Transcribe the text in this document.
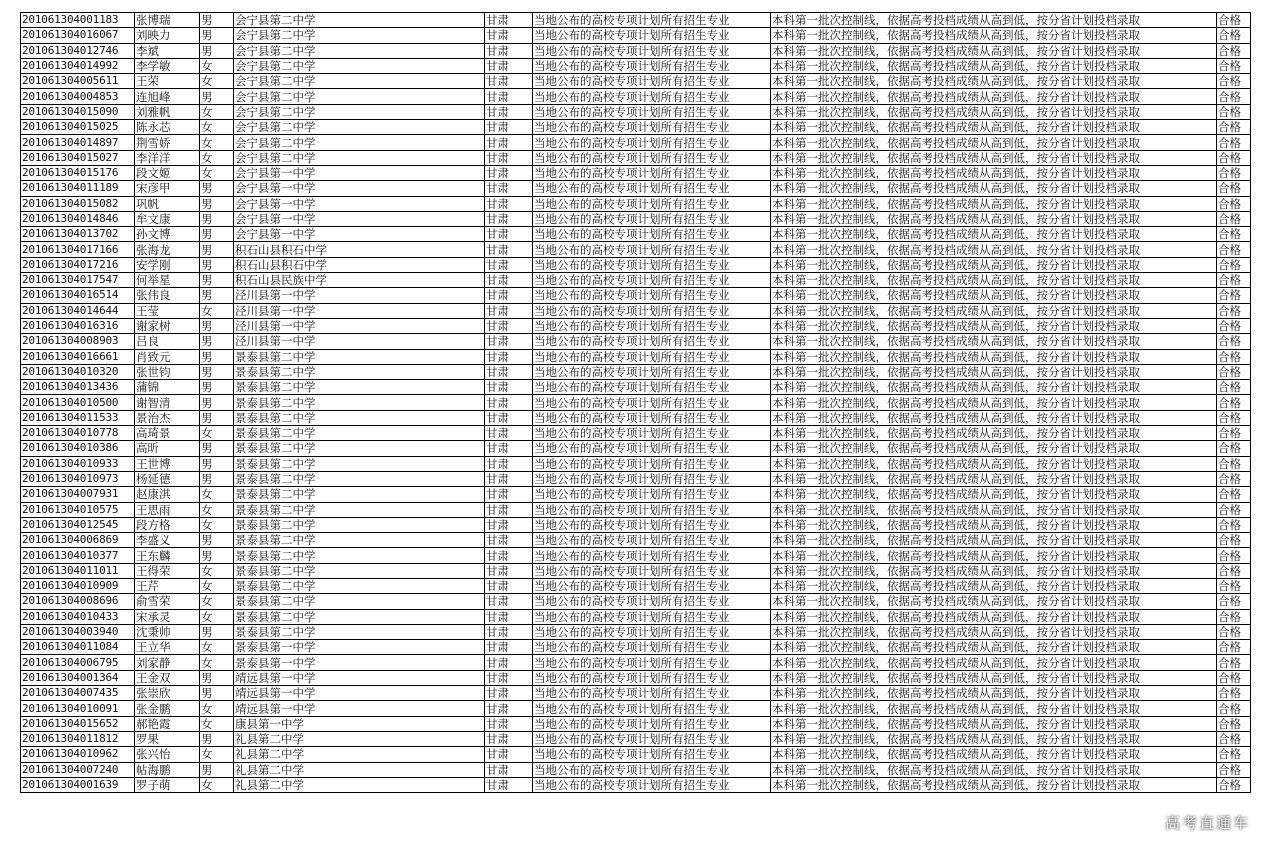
201061304001183	张博瑞	男	会宁县第二中学	甘肃	当地公布的高校专项计划所有招生专业	本科第一批次控制线，依据高考投档成绩从高到低，按分省计划投档录取	合格
201061304016067	刘映力	男	会宁县第二中学	甘肃	当地公布的高校专项计划所有招生专业	本科第一批次控制线，依据高考投档成绩从高到低，按分省计划投档录取	合格
201061304012746	李斌	男	会宁县第二中学	甘肃	当地公布的高校专项计划所有招生专业	本科第一批次控制线，依据高考投档成绩从高到低，按分省计划投档录取	合格
201061304014992	李学敏	女	会宁县第二中学	甘肃	当地公布的高校专项计划所有招生专业	本科第一批次控制线，依据高考投档成绩从高到低，按分省计划投档录取	合格
201061304005611	王荣	女	会宁县第二中学	甘肃	当地公布的高校专项计划所有招生专业	本科第一批次控制线，依据高考投档成绩从高到低，按分省计划投档录取	合格
201061304004853	连旭峰	男	会宁县第二中学	甘肃	当地公布的高校专项计划所有招生专业	本科第一批次控制线，依据高考投档成绩从高到低，按分省计划投档录取	合格
201061304015090	刘雅帆	女	会宁县第二中学	甘肃	当地公布的高校专项计划所有招生专业	本科第一批次控制线，依据高考投档成绩从高到低，按分省计划投档录取	合格
201061304015025	陈永芯	女	会宁县第二中学	甘肃	当地公布的高校专项计划所有招生专业	本科第一批次控制线，依据高考投档成绩从高到低，按分省计划投档录取	合格
201061304014897	荆雪娇	女	会宁县第二中学	甘肃	当地公布的高校专项计划所有招生专业	本科第一批次控制线，依据高考投档成绩从高到低，按分省计划投档录取	合格
201061304015027	李洋洋	女	会宁县第二中学	甘肃	当地公布的高校专项计划所有招生专业	本科第一批次控制线，依据高考投档成绩从高到低，按分省计划投档录取	合格
201061304015176	段文姬	女	会宁县第一中学	甘肃	当地公布的高校专项计划所有招生专业	本科第一批次控制线，依据高考投档成绩从高到低，按分省计划投档录取	合格
201061304011189	宋彦甲	男	会宁县第一中学	甘肃	当地公布的高校专项计划所有招生专业	本科第一批次控制线，依据高考投档成绩从高到低，按分省计划投档录取	合格
201061304015082	巩帆	男	会宁县第一中学	甘肃	当地公布的高校专项计划所有招生专业	本科第一批次控制线，依据高考投档成绩从高到低，按分省计划投档录取	合格
201061304014846	牟文康	男	会宁县第一中学	甘肃	当地公布的高校专项计划所有招生专业	本科第一批次控制线，依据高考投档成绩从高到低，按分省计划投档录取	合格
201061304013702	孙文博	男	会宁县第一中学	甘肃	当地公布的高校专项计划所有招生专业	本科第一批次控制线，依据高考投档成绩从高到低，按分省计划投档录取	合格
201061304017166	张海龙	男	积石山县积石中学	甘肃	当地公布的高校专项计划所有招生专业	本科第一批次控制线，依据高考投档成绩从高到低，按分省计划投档录取	合格
201061304017216	安学刚	男	积石山县积石中学	甘肃	当地公布的高校专项计划所有招生专业	本科第一批次控制线，依据高考投档成绩从高到低，按分省计划投档录取	合格
201061304017547	何举星	男	积石山县民族中学	甘肃	当地公布的高校专项计划所有招生专业	本科第一批次控制线，依据高考投档成绩从高到低，按分省计划投档录取	合格
201061304016514	张伟良	男	泾川县第一中学	甘肃	当地公布的高校专项计划所有招生专业	本科第一批次控制线，依据高考投档成绩从高到低，按分省计划投档录取	合格
201061304014644	王莹	女	泾川县第一中学	甘肃	当地公布的高校专项计划所有招生专业	本科第一批次控制线，依据高考投档成绩从高到低，按分省计划投档录取	合格
201061304016316	谢家树	男	泾川县第一中学	甘肃	当地公布的高校专项计划所有招生专业	本科第一批次控制线，依据高考投档成绩从高到低，按分省计划投档录取	合格
201061304008903	吕良	男	泾川县第一中学	甘肃	当地公布的高校专项计划所有招生专业	本科第一批次控制线，依据高考投档成绩从高到低，按分省计划投档录取	合格
201061304016661	肖致元	男	景泰县第二中学	甘肃	当地公布的高校专项计划所有招生专业	本科第一批次控制线，依据高考投档成绩从高到低，按分省计划投档录取	合格
201061304010320	张世钧	男	景泰县第二中学	甘肃	当地公布的高校专项计划所有招生专业	本科第一批次控制线，依据高考投档成绩从高到低，按分省计划投档录取	合格
201061304013436	蒲锦	男	景泰县第二中学	甘肃	当地公布的高校专项计划所有招生专业	本科第一批次控制线，依据高考投档成绩从高到低，按分省计划投档录取	合格
201061304010500	谢智清	男	景泰县第二中学	甘肃	当地公布的高校专项计划所有招生专业	本科第一批次控制线，依据高考投档成绩从高到低，按分省计划投档录取	合格
201061304011533	景治杰	男	景泰县第二中学	甘肃	当地公布的高校专项计划所有招生专业	本科第一批次控制线，依据高考投档成绩从高到低，按分省计划投档录取	合格
201061304010778	高琦景	女	景泰县第二中学	甘肃	当地公布的高校专项计划所有招生专业	本科第一批次控制线，依据高考投档成绩从高到低，按分省计划投档录取	合格
201061304010386	高昕	男	景泰县第二中学	甘肃	当地公布的高校专项计划所有招生专业	本科第一批次控制线，依据高考投档成绩从高到低，按分省计划投档录取	合格
201061304010933	王世博	男	景泰县第二中学	甘肃	当地公布的高校专项计划所有招生专业	本科第一批次控制线，依据高考投档成绩从高到低，按分省计划投档录取	合格
201061304010973	杨延德	男	景泰县第二中学	甘肃	当地公布的高校专项计划所有招生专业	本科第一批次控制线，依据高考投档成绩从高到低，按分省计划投档录取	合格
201061304007931	赵康淇	女	景泰县第二中学	甘肃	当地公布的高校专项计划所有招生专业	本科第一批次控制线，依据高考投档成绩从高到低，按分省计划投档录取	合格
201061304010575	王思雨	女	景泰县第二中学	甘肃	当地公布的高校专项计划所有招生专业	本科第一批次控制线，依据高考投档成绩从高到低，按分省计划投档录取	合格
201061304012545	段方格	女	景泰县第二中学	甘肃	当地公布的高校专项计划所有招生专业	本科第一批次控制线，依据高考投档成绩从高到低，按分省计划投档录取	合格
201061304006869	李盛义	男	景泰县第二中学	甘肃	当地公布的高校专项计划所有招生专业	本科第一批次控制线，依据高考投档成绩从高到低，按分省计划投档录取	合格
201061304010377	王东麟	男	景泰县第二中学	甘肃	当地公布的高校专项计划所有招生专业	本科第一批次控制线，依据高考投档成绩从高到低，按分省计划投档录取	合格
201061304011011	王得荣	女	景泰县第二中学	甘肃	当地公布的高校专项计划所有招生专业	本科第一批次控制线，依据高考投档成绩从高到低，按分省计划投档录取	合格
201061304010909	王芹	女	景泰县第二中学	甘肃	当地公布的高校专项计划所有招生专业	本科第一批次控制线，依据高考投档成绩从高到低，按分省计划投档录取	合格
201061304008696	俞雪荣	女	景泰县第二中学	甘肃	当地公布的高校专项计划所有招生专业	本科第一批次控制线，依据高考投档成绩从高到低，按分省计划投档录取	合格
201061304010433	宋承灵	女	景泰县第二中学	甘肃	当地公布的高校专项计划所有招生专业	本科第一批次控制线，依据高考投档成绩从高到低，按分省计划投档录取	合格
201061304003940	沈秉帅	男	景泰县第二中学	甘肃	当地公布的高校专项计划所有招生专业	本科第一批次控制线，依据高考投档成绩从高到低，按分省计划投档录取	合格
201061304011084	王立华	女	景泰县第一中学	甘肃	当地公布的高校专项计划所有招生专业	本科第一批次控制线，依据高考投档成绩从高到低，按分省计划投档录取	合格
201061304006795	刘家静	女	景泰县第一中学	甘肃	当地公布的高校专项计划所有招生专业	本科第一批次控制线，依据高考投档成绩从高到低，按分省计划投档录取	合格
201061304001364	王金双	男	靖远县第一中学	甘肃	当地公布的高校专项计划所有招生专业	本科第一批次控制线，依据高考投档成绩从高到低，按分省计划投档录取	合格
201061304007435	张崇欣	男	靖远县第一中学	甘肃	当地公布的高校专项计划所有招生专业	本科第一批次控制线，依据高考投档成绩从高到低，按分省计划投档录取	合格
201061304010091	张金鹏	女	靖远县第一中学	甘肃	当地公布的高校专项计划所有招生专业	本科第一批次控制线，依据高考投档成绩从高到低，按分省计划投档录取	合格
201061304015652	郝艳霞	女	康县第一中学	甘肃	当地公布的高校专项计划所有招生专业	本科第一批次控制线，依据高考投档成绩从高到低，按分省计划投档录取	合格
201061304011812	罗果	男	礼县第二中学	甘肃	当地公布的高校专项计划所有招生专业	本科第一批次控制线，依据高考投档成绩从高到低，按分省计划投档录取	合格
201061304010962	张兴怡	女	礼县第二中学	甘肃	当地公布的高校专项计划所有招生专业	本科第一批次控制线，依据高考投档成绩从高到低，按分省计划投档录取	合格
201061304007240	帖海鹏	男	礼县第二中学	甘肃	当地公布的高校专项计划所有招生专业	本科第一批次控制线，依据高考投档成绩从高到低，按分省计划投档录取	合格
201061304001639	罗子萌	女	礼县第二中学	甘肃	当地公布的高校专项计划所有招生专业	本科第一批次控制线，依据高考投档成绩从高到低，按分省计划投档录取	合格
高考直通车
